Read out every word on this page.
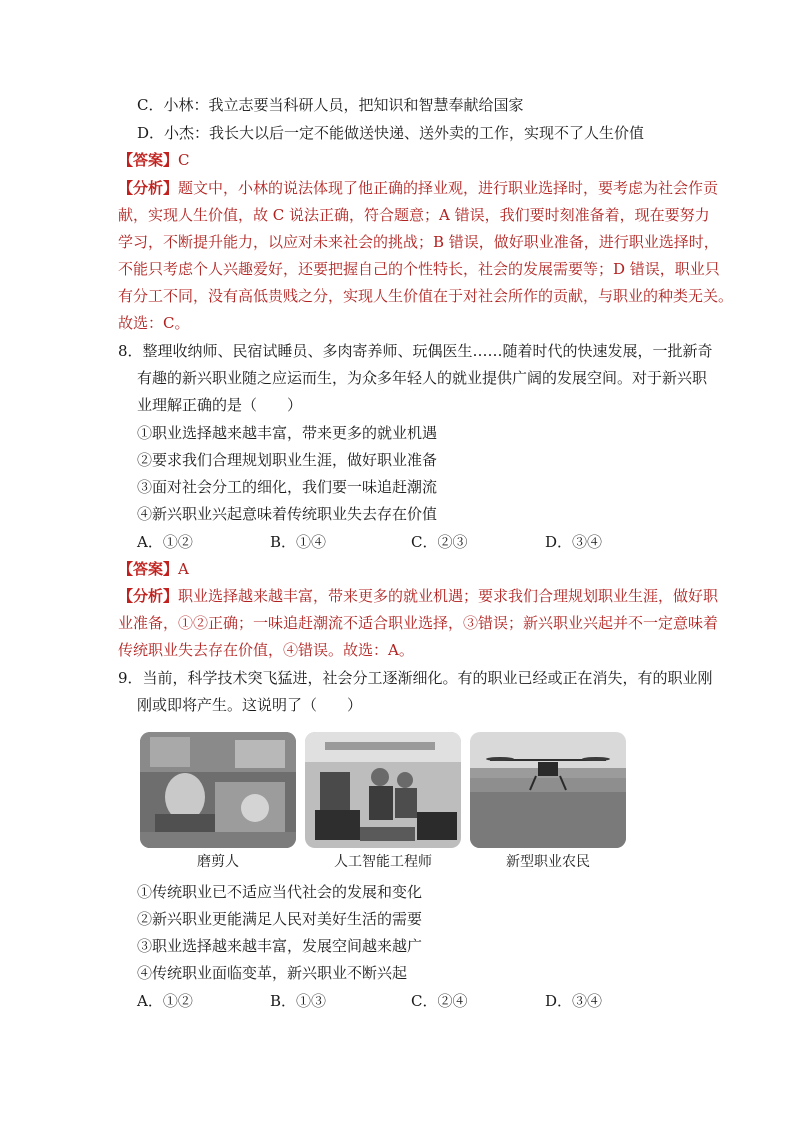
C．小林：我立志要当科研人员，把知识和智慧奉献给国家
D．小杰：我长大以后一定不能做送快递、送外卖的工作，实现不了人生价值
【答案】C
【分析】题文中，小林的说法体现了他正确的择业观，进行职业选择时，要考虑为社会作贡
献，实现人生价值，故 C 说法正确，符合题意；A 错误，我们要时刻准备着，现在要努力
学习，不断提升能力，以应对未来社会的挑战；B 错误，做好职业准备，进行职业选择时，
不能只考虑个人兴趣爱好，还要把握自己的个性特长，社会的发展需要等；D 错误，职业只
有分工不同，没有高低贵贱之分，实现人生价值在于对社会所作的贡献，与职业的种类无关。
故选：C。
8．整理收纳师、民宿试睡员、多肉寄养师、玩偶医生……随着时代的快速发展，一批新奇
有趣的新兴职业随之应运而生，为众多年轻人的就业提供广阔的发展空间。对于新兴职
业理解正确的是（　　）
①职业选择越来越丰富，带来更多的就业机遇
②要求我们合理规划职业生涯，做好职业准备
③面对社会分工的细化，我们要一味追赶潮流
④新兴职业兴起意味着传统职业失去存在价值
A．①②	B．①④	C．②③	D．③④
【答案】A
【分析】职业选择越来越丰富，带来更多的就业机遇；要求我们合理规划职业生涯，做好职
业准备，①②正确；一味追赶潮流不适合职业选择，③错误；新兴职业兴起并不一定意味着
传统职业失去存在价值，④错误。故选：A。
9．当前，科学技术突飞猛进，社会分工逐渐细化。有的职业已经或正在消失，有的职业刚
刚或即将产生。这说明了（　　）
磨剪人	人工智能工程师	新型职业农民
①传统职业已不适应当代社会的发展和变化
②新兴职业更能满足人民对美好生活的需要
③职业选择越来越丰富，发展空间越来越广
④传统职业面临变革，新兴职业不断兴起
A．①②	B．①③	C．②④	D．③④
